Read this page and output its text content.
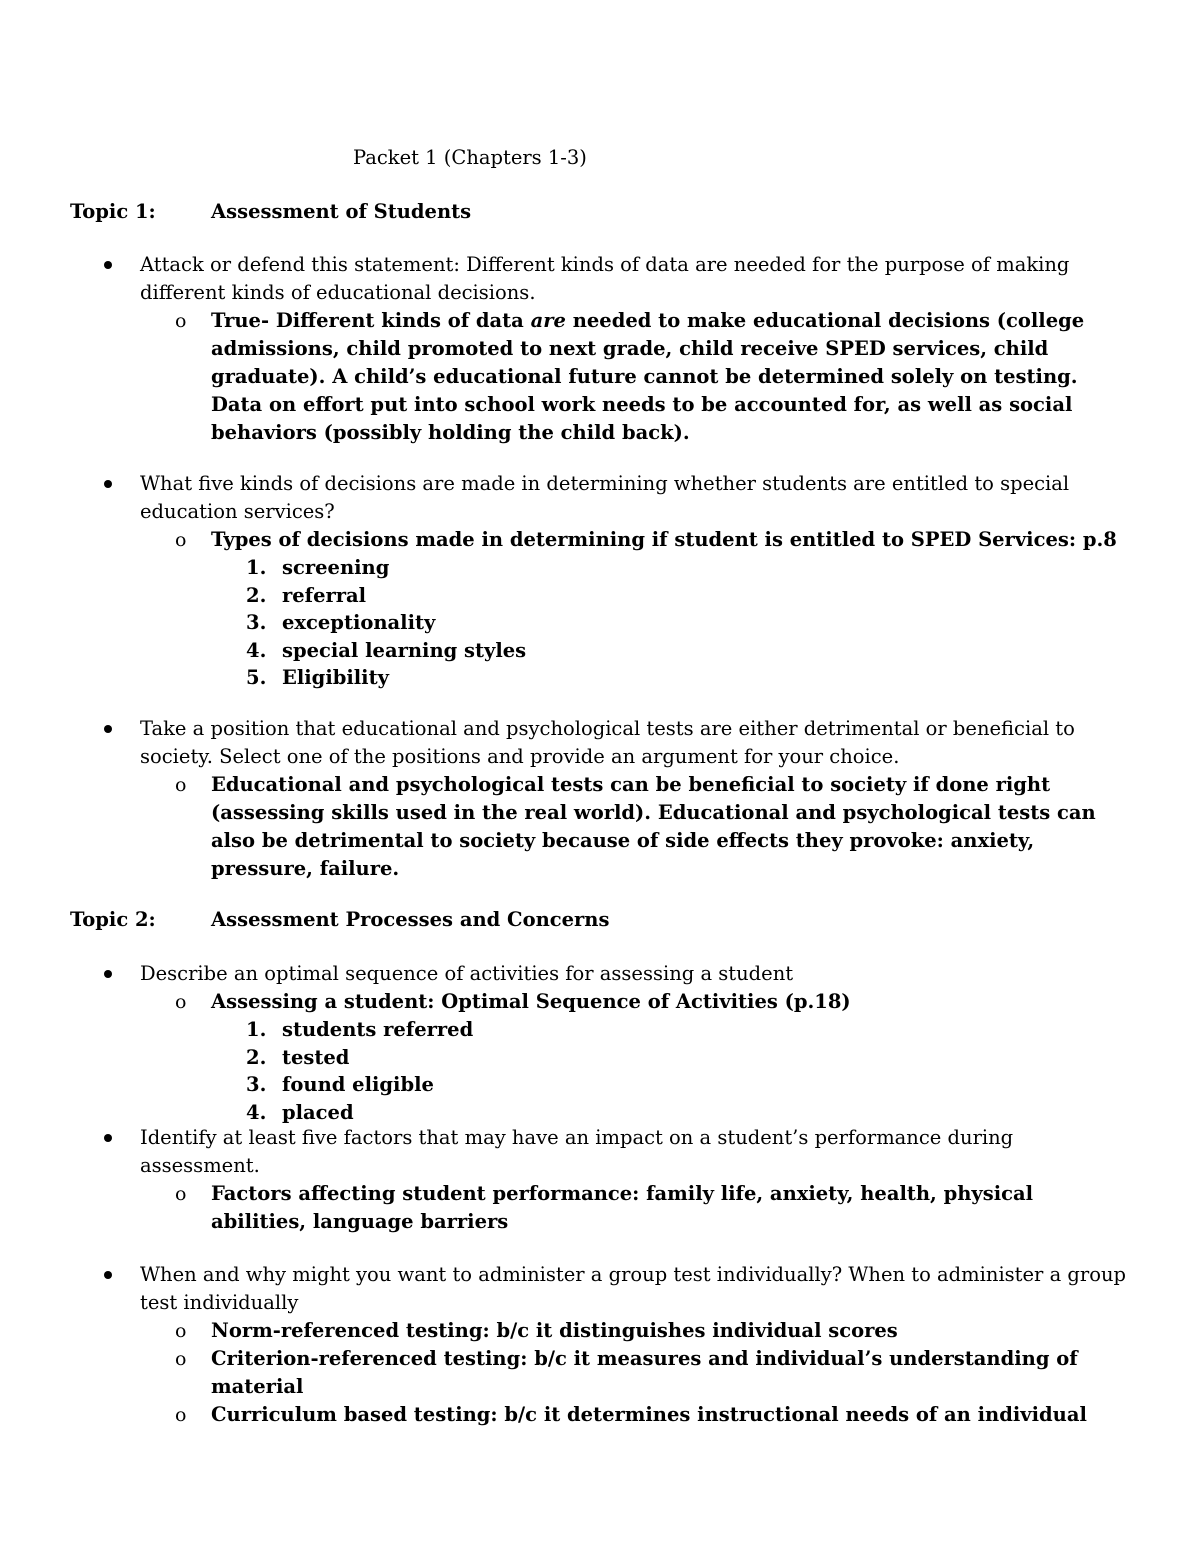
Packet 1 (Chapters 1-3)
Topic 1:	Assessment of Students
Attack or defend this statement: Different kinds of data are needed for the purpose of making different kinds of educational decisions.
o True- Different kinds of data are needed to make educational decisions (college admissions, child promoted to next grade, child receive SPED services, child graduate). A child’s educational future cannot be determined solely on testing. Data on effort put into school work needs to be accounted for, as well as social behaviors (possibly holding the child back).
What five kinds of decisions are made in determining whether students are entitled to special education services?
o Types of decisions made in determining if student is entitled to SPED Services: p.8
1. screening
2. referral
3. exceptionality
4. special learning styles
5. Eligibility
Take a position that educational and psychological tests are either detrimental or beneficial to society. Select one of the positions and provide an argument for your choice.
o Educational and psychological tests can be beneficial to society if done right (assessing skills used in the real world). Educational and psychological tests can also be detrimental to society because of side effects they provoke: anxiety, pressure, failure.
Topic 2:	Assessment Processes and Concerns
Describe an optimal sequence of activities for assessing a student
o Assessing a student: Optimal Sequence of Activities (p.18)
1. students referred
2. tested
3. found eligible
4. placed
Identify at least five factors that may have an impact on a student’s performance during assessment.
o Factors affecting student performance: family life, anxiety, health, physical abilities, language barriers
When and why might you want to administer a group test individually? When to administer a group test individually
o Norm-referenced testing: b/c it distinguishes individual scores
o Criterion-referenced testing: b/c it measures and individual’s understanding of material
o Curriculum based testing: b/c it determines instructional needs of an individual
